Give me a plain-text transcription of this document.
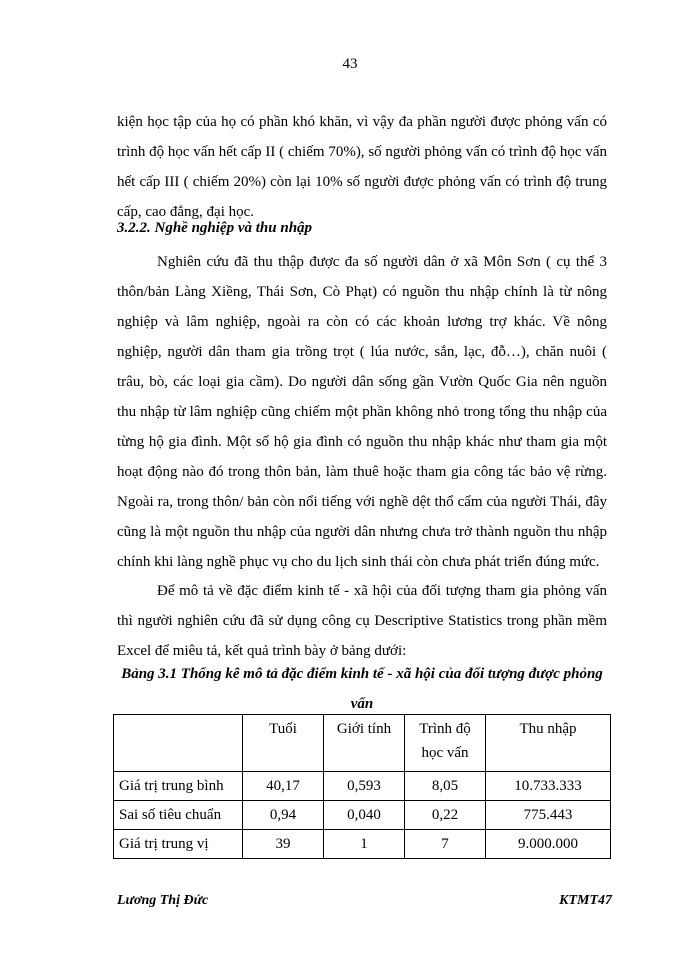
43

kiện học tập của họ có phần khó khăn, vì vậy đa phần người được phỏng vấn có trình độ học vấn hết cấp II ( chiếm 70%), số người phỏng vấn có trình độ học vấn hết cấp III ( chiếm 20%) còn lại 10% số người được phỏng vấn có trình độ trung cấp, cao đẳng, đại học.

3.2.2. Nghề nghiệp và thu nhập

Nghiên cứu đã thu thập được đa số người dân ở xã Môn Sơn ( cụ thể 3 thôn/bản Làng Xiềng, Thái Sơn, Cò Phạt) có nguồn thu nhập chính là từ nông nghiệp và lâm nghiệp, ngoài ra còn có các khoản lương trợ khác. Về nông nghiệp, người dân tham gia trồng trọt ( lúa nước, sắn, lạc, đỗ…), chăn nuôi ( trâu, bò, các loại gia cầm). Do người dân sống gần Vườn Quốc Gia nên nguồn thu nhập từ lâm nghiệp cũng chiếm một phần không nhỏ trong tổng thu nhập của từng hộ gia đình. Một số hộ gia đình có nguồn thu nhập khác như tham gia một hoạt động nào đó trong thôn bản, làm thuê hoặc tham gia công tác bảo vệ rừng. Ngoài ra, trong thôn/ bản còn nổi tiếng với nghề dệt thổ cẩm của người Thái, đây cũng là một nguồn thu nhập của người dân nhưng chưa trở thành nguồn thu nhập chính khi làng nghề phục vụ cho du lịch sinh thái còn chưa phát triển đúng mức.

Để mô tả về đặc điểm kinh tế - xã hội của đối tượng tham gia phỏng vấn thì người nghiên cứu đã sử dụng công cụ Descriptive Statistics trong phần mềm Excel để miêu tả, kết quả trình bày ở bảng dưới:

Bảng 3.1 Thống kê mô tả đặc điểm kinh tế - xã hội của đối tượng được phỏng vấn

	Tuổi	Giới tính	Trình độ học vấn	Thu nhập
Giá trị trung bình	40,17	0,593	8,05	10.733.333
Sai số tiêu chuẩn	0,94	0,040	0,22	775.443
Giá trị trung vị	39	1	7	9.000.000
Lương Thị Đức	KTMT47
